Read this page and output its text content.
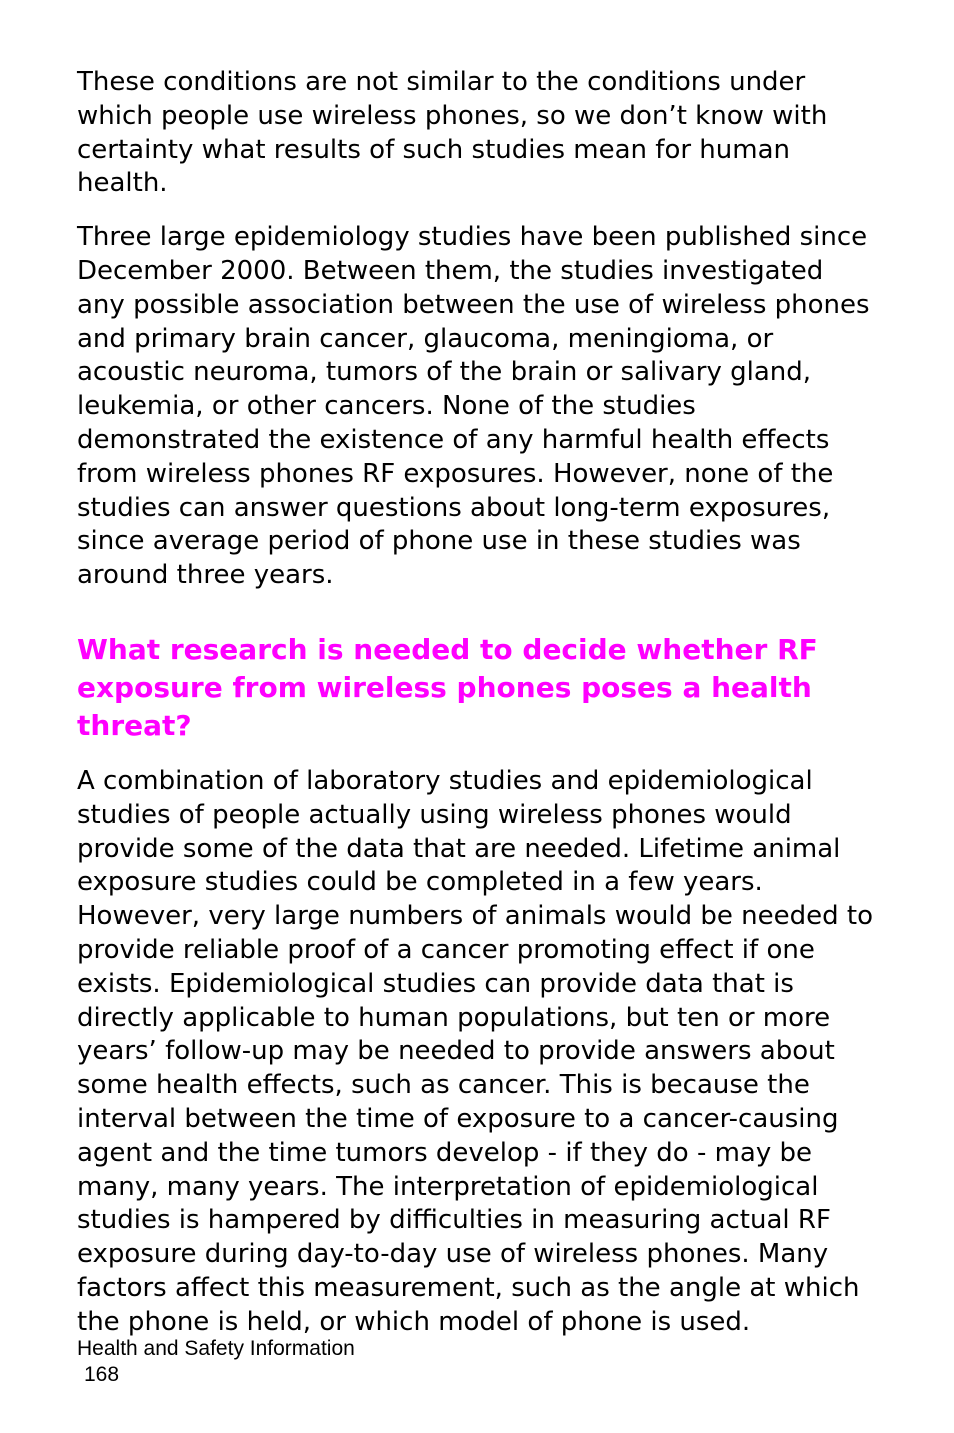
These conditions are not similar to the conditions under which people use wireless phones, so we don’t know with certainty what results of such studies mean for human health.

Three large epidemiology studies have been published since December 2000. Between them, the studies investigated any possible association between the use of wireless phones and primary brain cancer, glaucoma, meningioma, or acoustic neuroma, tumors of the brain or salivary gland, leukemia, or other cancers. None of the studies demonstrated the existence of any harmful health effects from wireless phones RF exposures. However, none of the studies can answer questions about long-term exposures, since average period of phone use in these studies was around three years.

What research is needed to decide whether RF exposure from wireless phones poses a health threat?

A combination of laboratory studies and epidemiological studies of people actually using wireless phones would provide some of the data that are needed. Lifetime animal exposure studies could be completed in a few years. However, very large numbers of animals would be needed to provide reliable proof of a cancer promoting effect if one exists. Epidemiological studies can provide data that is directly applicable to human populations, but ten or more years’ follow-up may be needed to provide answers about some health effects, such as cancer. This is because the interval between the time of exposure to a cancer-causing agent and the time tumors develop - if they do - may be many, many years. The interpretation of epidemiological studies is hampered by difficulties in measuring actual RF exposure during day-to-day use of wireless phones. Many factors affect this measurement, such as the angle at which the phone is held, or which model of phone is used.

Health and Safety Information
168
